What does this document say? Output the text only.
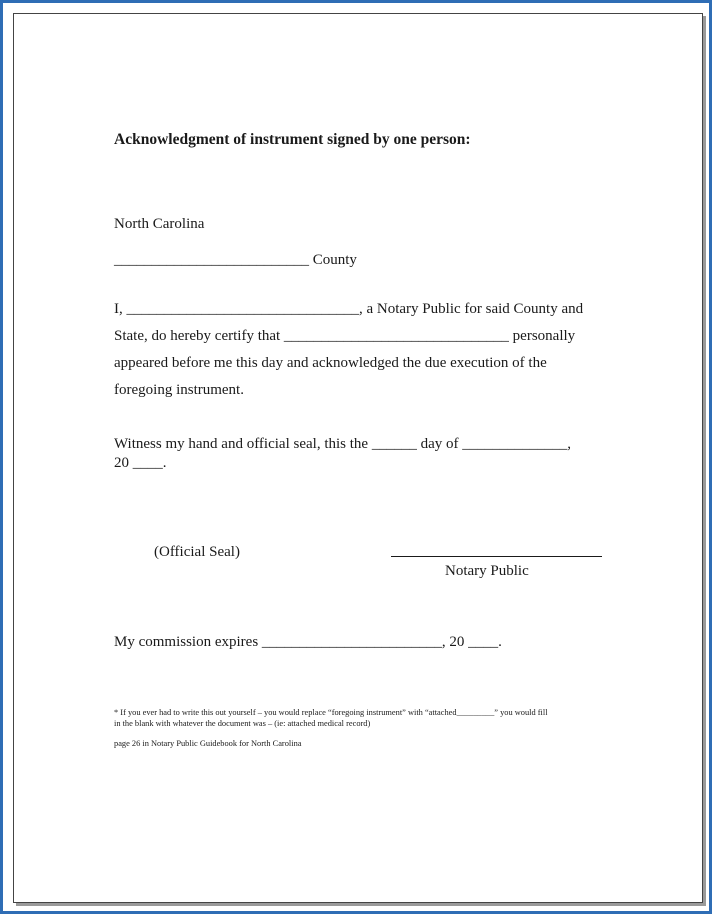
Acknowledgment of instrument signed by one person:
North Carolina
__________________________ County
I, _______________________________, a Notary Public for said County and
State, do hereby certify that ______________________________ personally
appeared before me this day and acknowledged the due execution of the
foregoing instrument.
Witness my hand and official seal, this the ______ day of ______________,
20 ____.
(Official Seal)
Notary Public
My commission expires ________________________, 20 ____.
* If you ever had to write this out yourself – you would replace “foregoing instrument” with “attached_________” you would fill
in the blank with whatever the document was – (ie: attached medical record)
page 26 in Notary Public Guidebook for North Carolina
